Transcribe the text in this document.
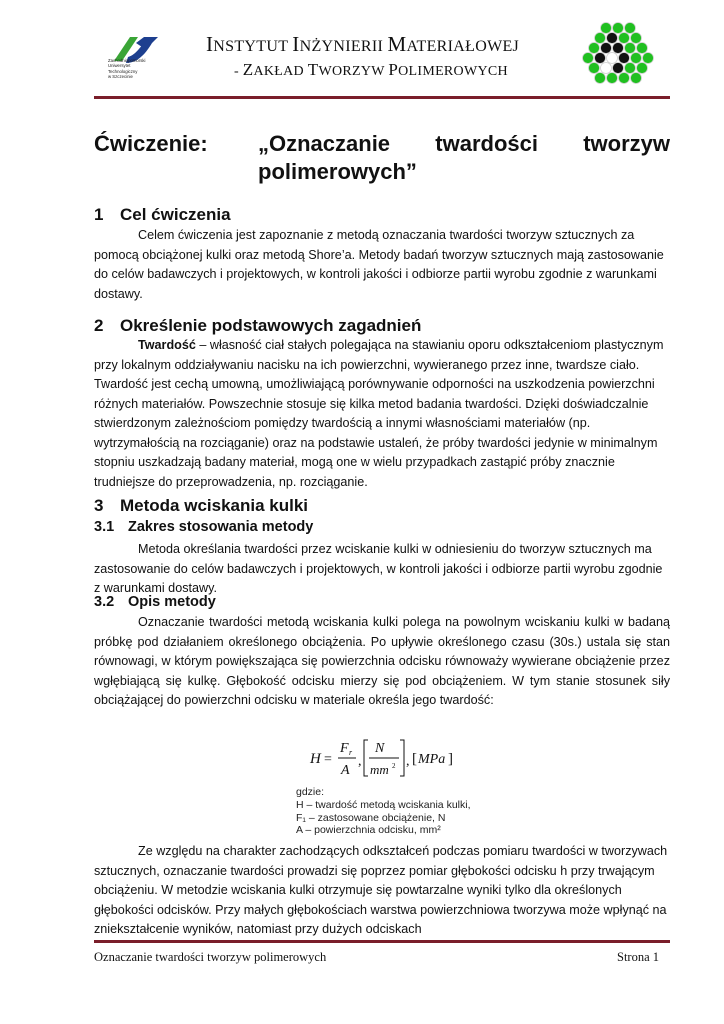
Zachodniopomorski
Uniwersytet
Technologiczny
w Szczecinie
INSTYTUT INŻYNIERII MATERIAŁOWEJ
- ZAKŁAD TWORZYW POLIMEROWYCH
Ćwiczenie: „Oznaczanie twardości tworzyw
polimerowych”
1 Cel ćwiczenia
Celem ćwiczenia jest zapoznanie z metodą oznaczania twardości tworzyw sztucznych za pomocą obciążonej kulki oraz metodą Shore’a. Metody badań tworzyw sztucznych mają zastosowanie do celów badawczych i projektowych, w kontroli jakości i odbiorze partii wyrobu zgodnie z warunkami dostawy.
2 Określenie podstawowych zagadnień
Twardość – własność ciał stałych polegająca na stawianiu oporu odkształceniom plastycznym przy lokalnym oddziaływaniu nacisku na ich powierzchni, wywieranego przez inne, twardsze ciało. Twardość jest cechą umowną, umożliwiającą porównywanie odporności na uszkodzenia powierzchni różnych materiałów. Powszechnie stosuje się kilka metod badania twardości. Dzięki doświadczalnie stwierdzonym zależnościom pomiędzy twardością a innymi własnościami materiałów (np. wytrzymałością na rozciąganie) oraz na podstawie ustaleń, że próby twardości jedynie w minimalnym stopniu uszkadzają badany materiał, mogą one w wielu przypadkach zastąpić próby znacznie trudniejsze do przeprowadzenia, np. rozciąganie.
3 Metoda wciskania kulki
3.1 Zakres stosowania metody
Metoda określania twardości przez wciskanie kulki w odniesieniu do tworzyw sztucznych ma zastosowanie do celów badawczych i projektowych, w kontroli jakości i odbiorze partii wyrobu zgodnie z warunkami dostawy.
3.2 Opis metody
Oznaczanie twardości metodą wciskania kulki polega na powolnym wciskaniu kulki w badaną próbkę pod działaniem określonego obciążenia. Po upływie określonego czasu (30s.) ustala się stan równowagi, w którym powiększająca się powierzchnia odcisku równoważy wywierane obciążenie przez wgłębiającą się kulkę. Głębokość odcisku mierzy się pod obciążeniem. W tym stanie stosunek siły obciążającej do powierzchni odcisku w materiale określa jego twardość:
H =
F r
A
,
N
mm 2 , [ MPa ]
gdzie:
H – twardość metodą wciskania kulki,
F₁ – zastosowane obciążenie, N
A – powierzchnia odcisku, mm²
Ze względu na charakter zachodzących odkształceń podczas pomiaru twardości w tworzywach sztucznych, oznaczanie twardości prowadzi się poprzez pomiar głębokości odcisku h przy trwającym obciążeniu. W metodzie wciskania kulki otrzymuje się powtarzalne wyniki tylko dla określonych głębokości odcisków. Przy małych głębokościach warstwa powierzchniowa tworzywa może wpłynąć na zniekształcenie wyników, natomiast przy dużych odciskach
Oznaczanie twardości tworzyw polimerowych	Strona 1
